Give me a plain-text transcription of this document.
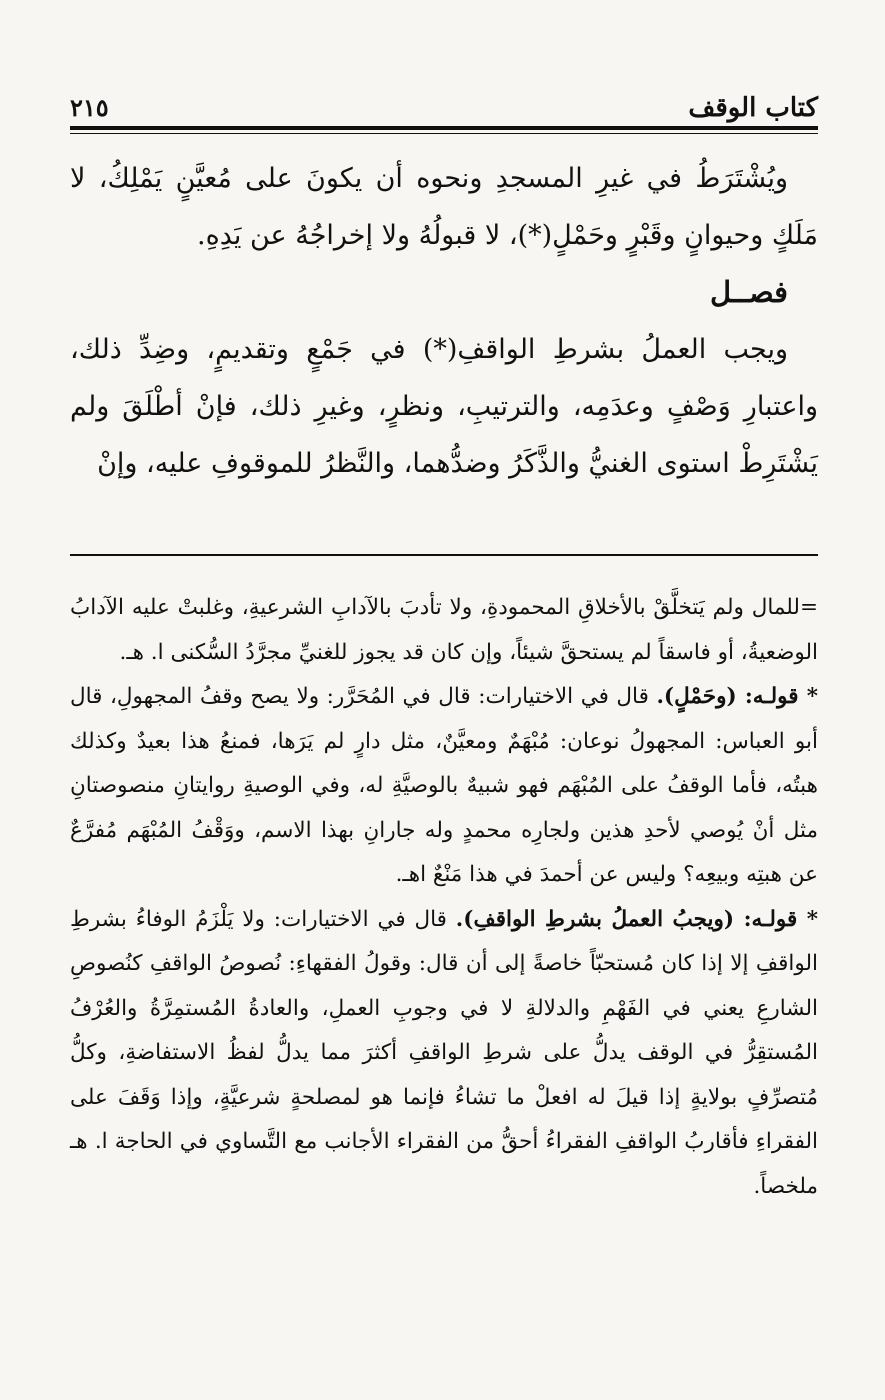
كتاب الوقف
٢١٥

ويُشْتَرَطُ في غيرِ المسجدِ ونحوه أن يكونَ على مُعيَّنٍ يَمْلِكُ، لا مَلَكٍ وحيوانٍ وقَبْرٍ وحَمْلٍ(*)، لا قبولُهُ ولا إخراجُهُ عن يَدِهِ.

فصــل

ويجب العملُ بشرطِ الواقفِ(*) في جَمْعٍ وتقديمٍ، وضِدِّ ذلك، واعتبارِ وَصْفٍ وعدَمِه، والترتيبِ، ونظرٍ، وغيرِ ذلك، فإنْ أطْلَقَ ولم يَشْتَرِطْ استوى الغنيُّ والذَّكَرُ وضدُّهما، والنَّظرُ للموقوفِ عليه، وإنْ

=للمال ولم يَتخلَّقْ بالأخلاقِ المحمودةِ، ولا تأدبَ بالآدابِ الشرعيةِ، وغلبتْ عليه الآدابُ الوضعيةُ، أو فاسقاً لم يستحقَّ شيئاً، وإن كان قد يجوز للغنيِّ مجرَّدُ السُّكنى ا. هـ.

* قولـه: (وحَمْلٍ). قال في الاختيارات: قال في المُحَرَّر: ولا يصح وقفُ المجهولِ، قال أبو العباس: المجهولُ نوعان: مُبْهَمٌ ومعيَّنٌ، مثل دارٍ لم يَرَها، فمنعُ هذا بعيدٌ وكذلك هبتُه، فأما الوقفُ على المُبْهَم فهو شبيهٌ بالوصيَّةِ له، وفي الوصيةِ روايتانِ منصوصتانِ مثل أنْ يُوصي لأحدِ هذين ولجارِه محمدٍ وله جارانِ بهذا الاسم، ووَقْفُ المُبْهَم مُفرَّعٌ عن هبتِه وبيعِه؟ وليس عن أحمدَ في هذا مَنْعٌ اهـ.

* قولـه: (ويجبُ العملُ بشرطِ الواقفِ). قال في الاختيارات: ولا يَلْزَمُ الوفاءُ بشرطِ الواقفِ إلا إذا كان مُستحبّاً خاصةً إلى أن قال: وقولُ الفقهاءِ: نُصوصُ الواقفِ كنُصوصِ الشارعِ يعني في الفَهْمِ والدلالةِ لا في وجوبِ العملِ، والعادةُ المُستمِرَّةُ والعُرْفُ المُستقِرُّ في الوقف يدلُّ على شرطِ الواقفِ أكثرَ مما يدلُّ لفظُ الاستفاضةِ، وكلُّ مُتصرِّفٍ بولايةٍ إذا قيلَ له افعلْ ما تشاءُ فإنما هو لمصلحةٍ شرعيَّةٍ، وإذا وَقَفَ على الفقراءِ فأقاربُ الواقفِ الفقراءُ أحقُّ من الفقراء الأجانب مع التَّساوي في الحاجة ا. هـ ملخصاً.
